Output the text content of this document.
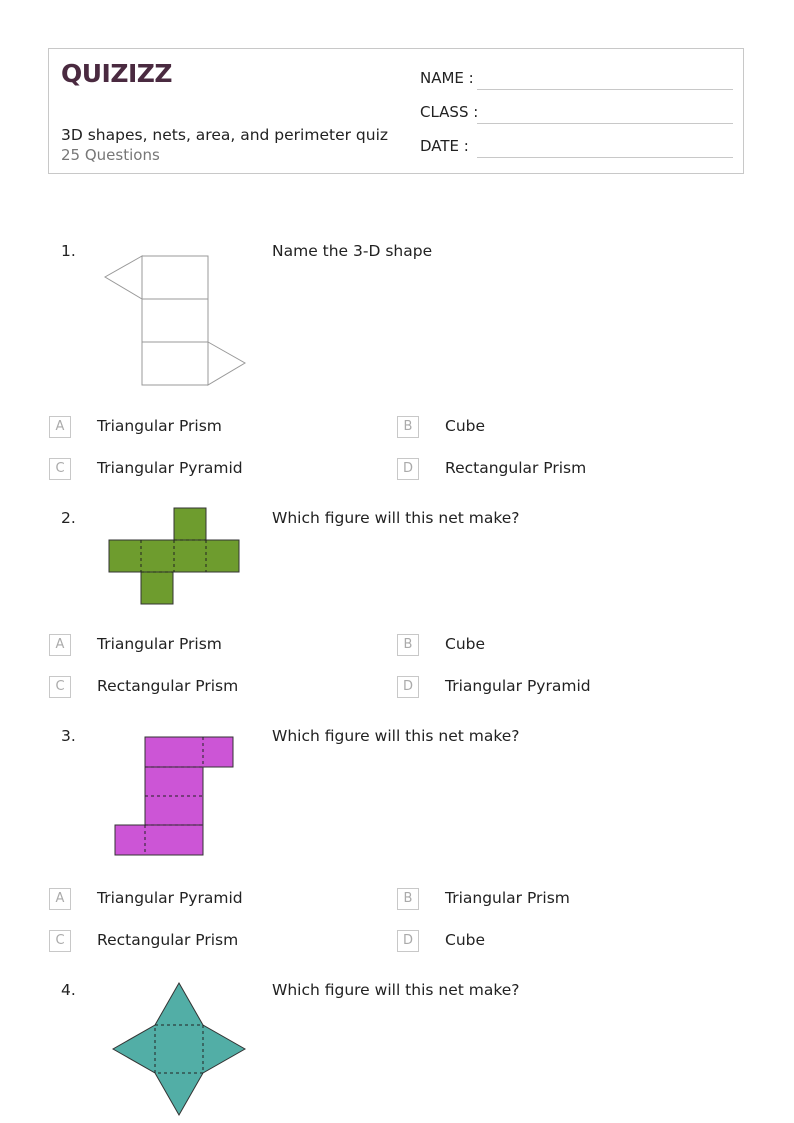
QUIZIZZ
3D shapes, nets, area, and perimeter quiz
25 Questions
NAME :
CLASS :
DATE :
1.	Name the 3-D shape
A	Triangular Prism	B	Cube
C	Triangular Pyramid	D	Rectangular Prism
2.	Which figure will this net make?
A	Triangular Prism	B	Cube
C	Rectangular Prism	D	Triangular Pyramid
3.	Which figure will this net make?
A	Triangular Pyramid	B	Triangular Prism
C	Rectangular Prism	D	Cube
4.	Which figure will this net make?
